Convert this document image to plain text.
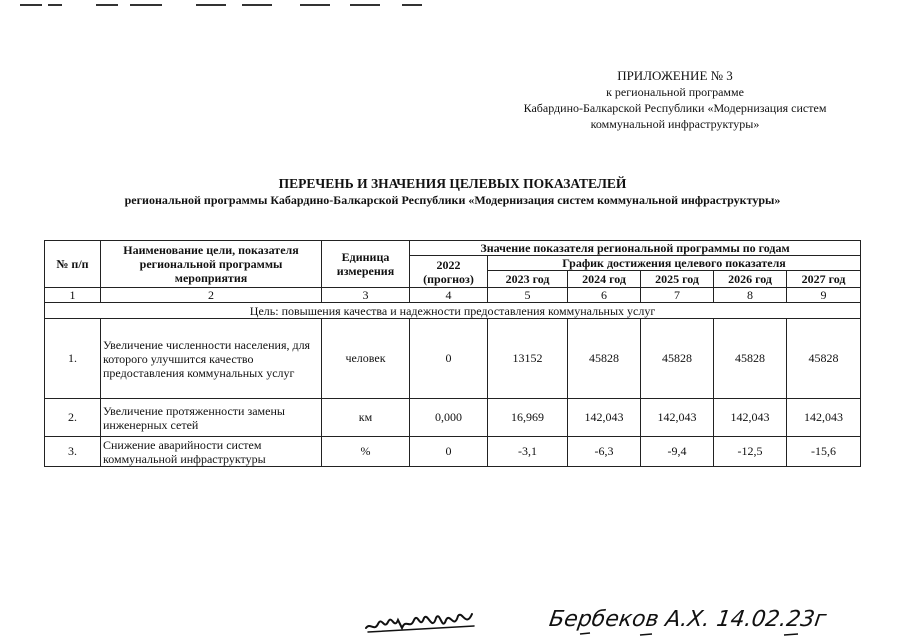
ПРИЛОЖЕНИЕ № 3
к региональной программе
Кабардино-Балкарской Республики «Модернизация систем
коммунальной инфраструктуры»
ПЕРЕЧЕНЬ И ЗНАЧЕНИЯ ЦЕЛЕВЫХ ПОКАЗАТЕЛЕЙ
региональной программы Кабардино-Балкарской Республики «Модернизация систем коммунальной инфраструктуры»
№ п/п	Наименование цели, показателя региональной программы мероприятия	Единица измерения	Значение показателя региональной программы по годам					
			2022 (прогноз)	График достижения целевого показателя				
				2023 год	2024 год	2025 год	2026 год	2027 год
1	2	3	4	5	6	7	8	9
Цель: повышения качества и надежности предоставления коммунальных услуг								
1.	Увеличение численности населения, для которого улучшится качество предоставления коммунальных услуг	человек	0	13152	45828	45828	45828	45828
2.	Увеличение протяженности замены инженерных сетей	км	0,000	16,969	142,043	142,043	142,043	142,043
3.	Снижение аварийности систем коммунальной инфраструктуры	%	0	-3,1	-6,3	-9,4	-12,5	-15,6
Бербеков А.Х. 14.02.23г
